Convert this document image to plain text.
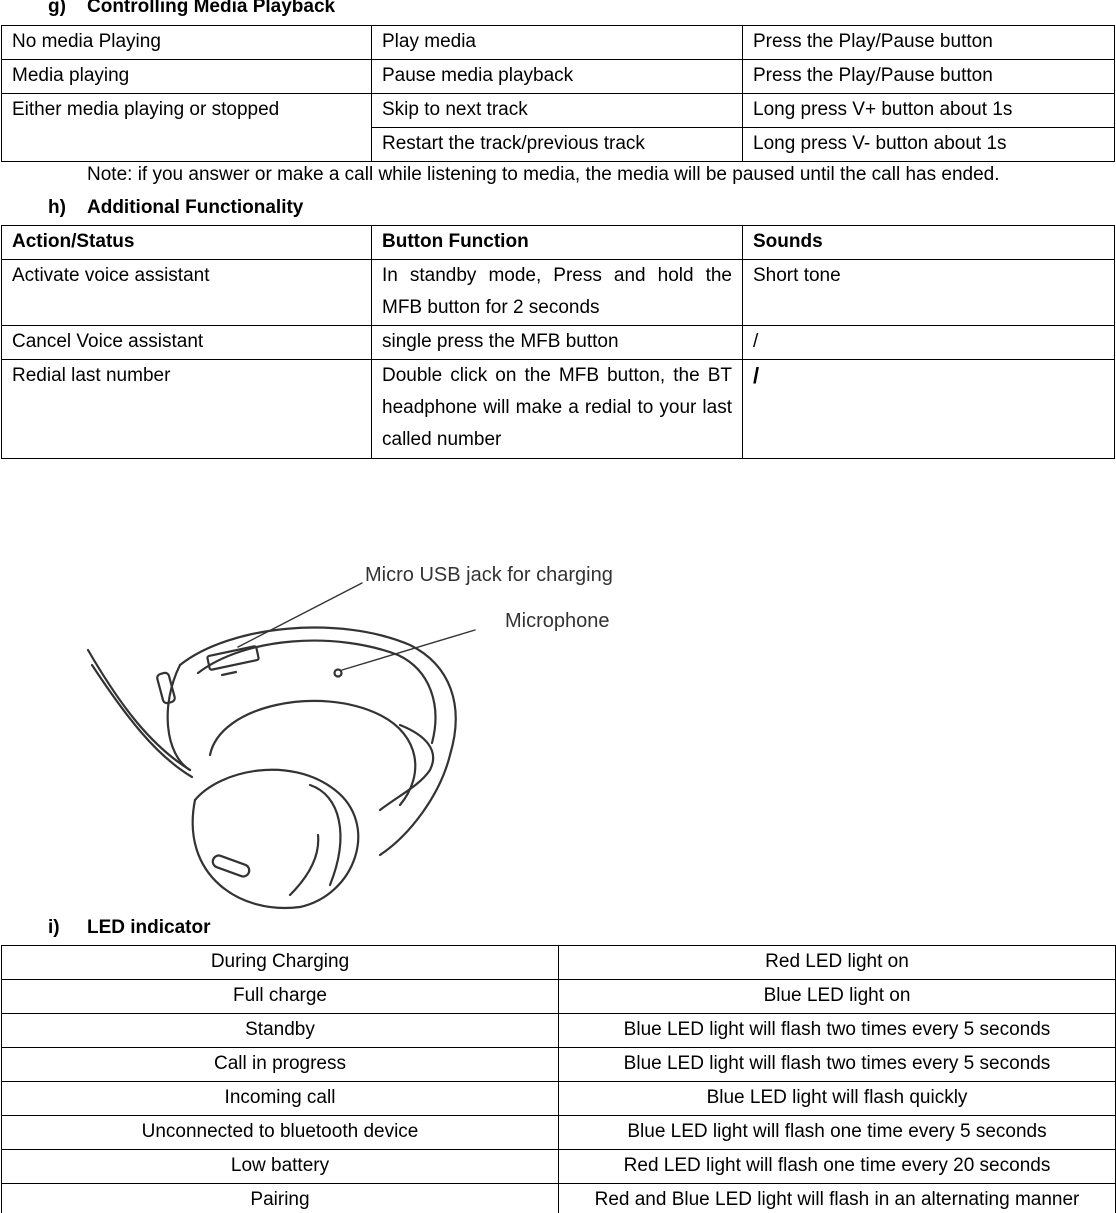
g)	Controlling Media Playback
No media Playing	Play media	Press the Play/Pause button
Media playing	Pause media playback	Press the Play/Pause button
Either media playing or stopped	Skip to next track	Long press V+ button about 1s
	Restart the track/previous track	Long press V- button about 1s
Note: if you answer or make a call while listening to media, the media will be paused until the call has ended.
h)	Additional Functionality
Action/Status	Button Function	Sounds
Activate voice assistant	In standby mode, Press and hold the MFB button for 2 seconds	Short tone
Cancel Voice assistant	single press the MFB button	/
Redial last number	Double click on the MFB button, the BT headphone will make a redial to your last called number	/
Micro USB jack for charging
Microphone
i)	LED indicator
During Charging	Red LED light on
Full charge	Blue LED light on
Standby	Blue LED light will flash two times every 5 seconds
Call in progress	Blue LED light will flash two times every 5 seconds
Incoming call	Blue LED light will flash quickly
Unconnected to bluetooth device	Blue LED light will flash one time every 5 seconds
Low battery	Red LED light will flash one time every 20 seconds
Pairing	Red and Blue LED light will flash in an alternating manner
